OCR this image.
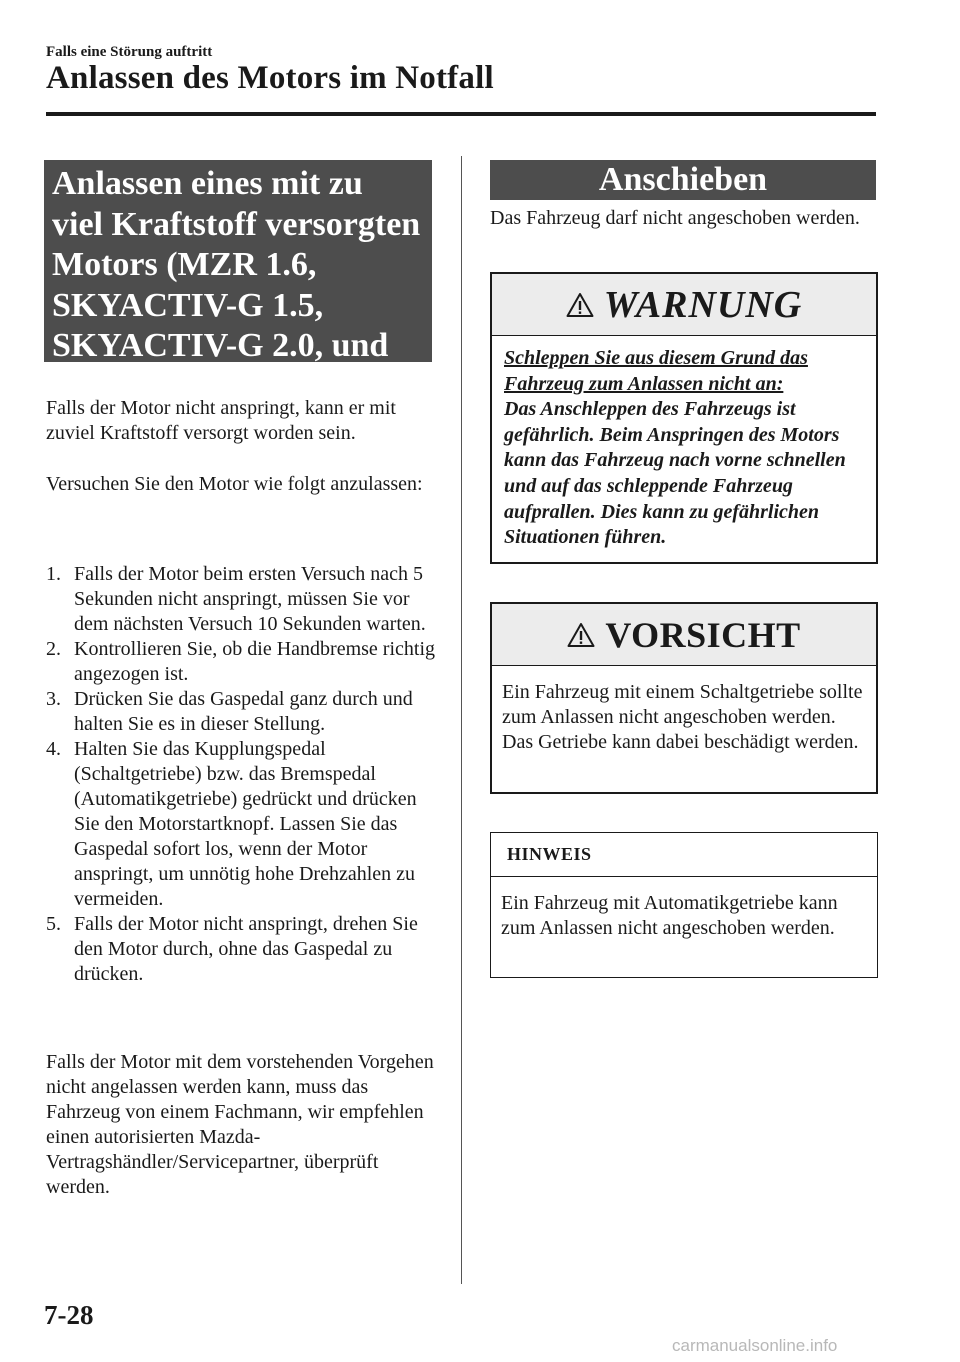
Falls eine Störung auftritt
Anlassen des Motors im Notfall
Anlassen eines mit zu
viel Kraftstoff versorgten
Motors (MZR 1.6,
SKYACTIV-G 1.5,
SKYACTIV-G 2.0, und
SKYACTIV-G 2.5)

Falls der Motor nicht anspringt, kann er mit zuviel Kraftstoff versorgt worden sein.

Versuchen Sie den Motor wie folgt anzulassen:

1. Falls der Motor beim ersten Versuch nach 5 Sekunden nicht anspringt, müssen Sie vor dem nächsten Versuch 10 Sekunden warten.
2. Kontrollieren Sie, ob die Handbremse richtig angezogen ist.
3. Drücken Sie das Gaspedal ganz durch und halten Sie es in dieser Stellung.
4. Halten Sie das Kupplungspedal (Schaltgetriebe) bzw. das Bremspedal (Automatikgetriebe) gedrückt und drücken Sie den Motorstartknopf. Lassen Sie das Gaspedal sofort los, wenn der Motor anspringt, um unnötig hohe Drehzahlen zu vermeiden.
5. Falls der Motor nicht anspringt, drehen Sie den Motor durch, ohne das Gaspedal zu drücken.

Falls der Motor mit dem vorstehenden Vorgehen nicht angelassen werden kann, muss das Fahrzeug von einem Fachmann, wir empfehlen einen autorisierten Mazda-Vertragshändler/Servicepartner, überprüft werden.

Anschieben

Das Fahrzeug darf nicht angeschoben werden.

WARNUNG
Schleppen Sie aus diesem Grund das Fahrzeug zum Anlassen nicht an:
Das Anschleppen des Fahrzeugs ist gefährlich. Beim Anspringen des Motors kann das Fahrzeug nach vorne schnellen und auf das schleppende Fahrzeug aufprallen. Dies kann zu gefährlichen Situationen führen.
VORSICHT
Ein Fahrzeug mit einem Schaltgetriebe sollte zum Anlassen nicht angeschoben werden. Das Getriebe kann dabei beschädigt werden.
HINWEIS
Ein Fahrzeug mit Automatikgetriebe kann zum Anlassen nicht angeschoben werden.
7-28
carmanualsonline.info
